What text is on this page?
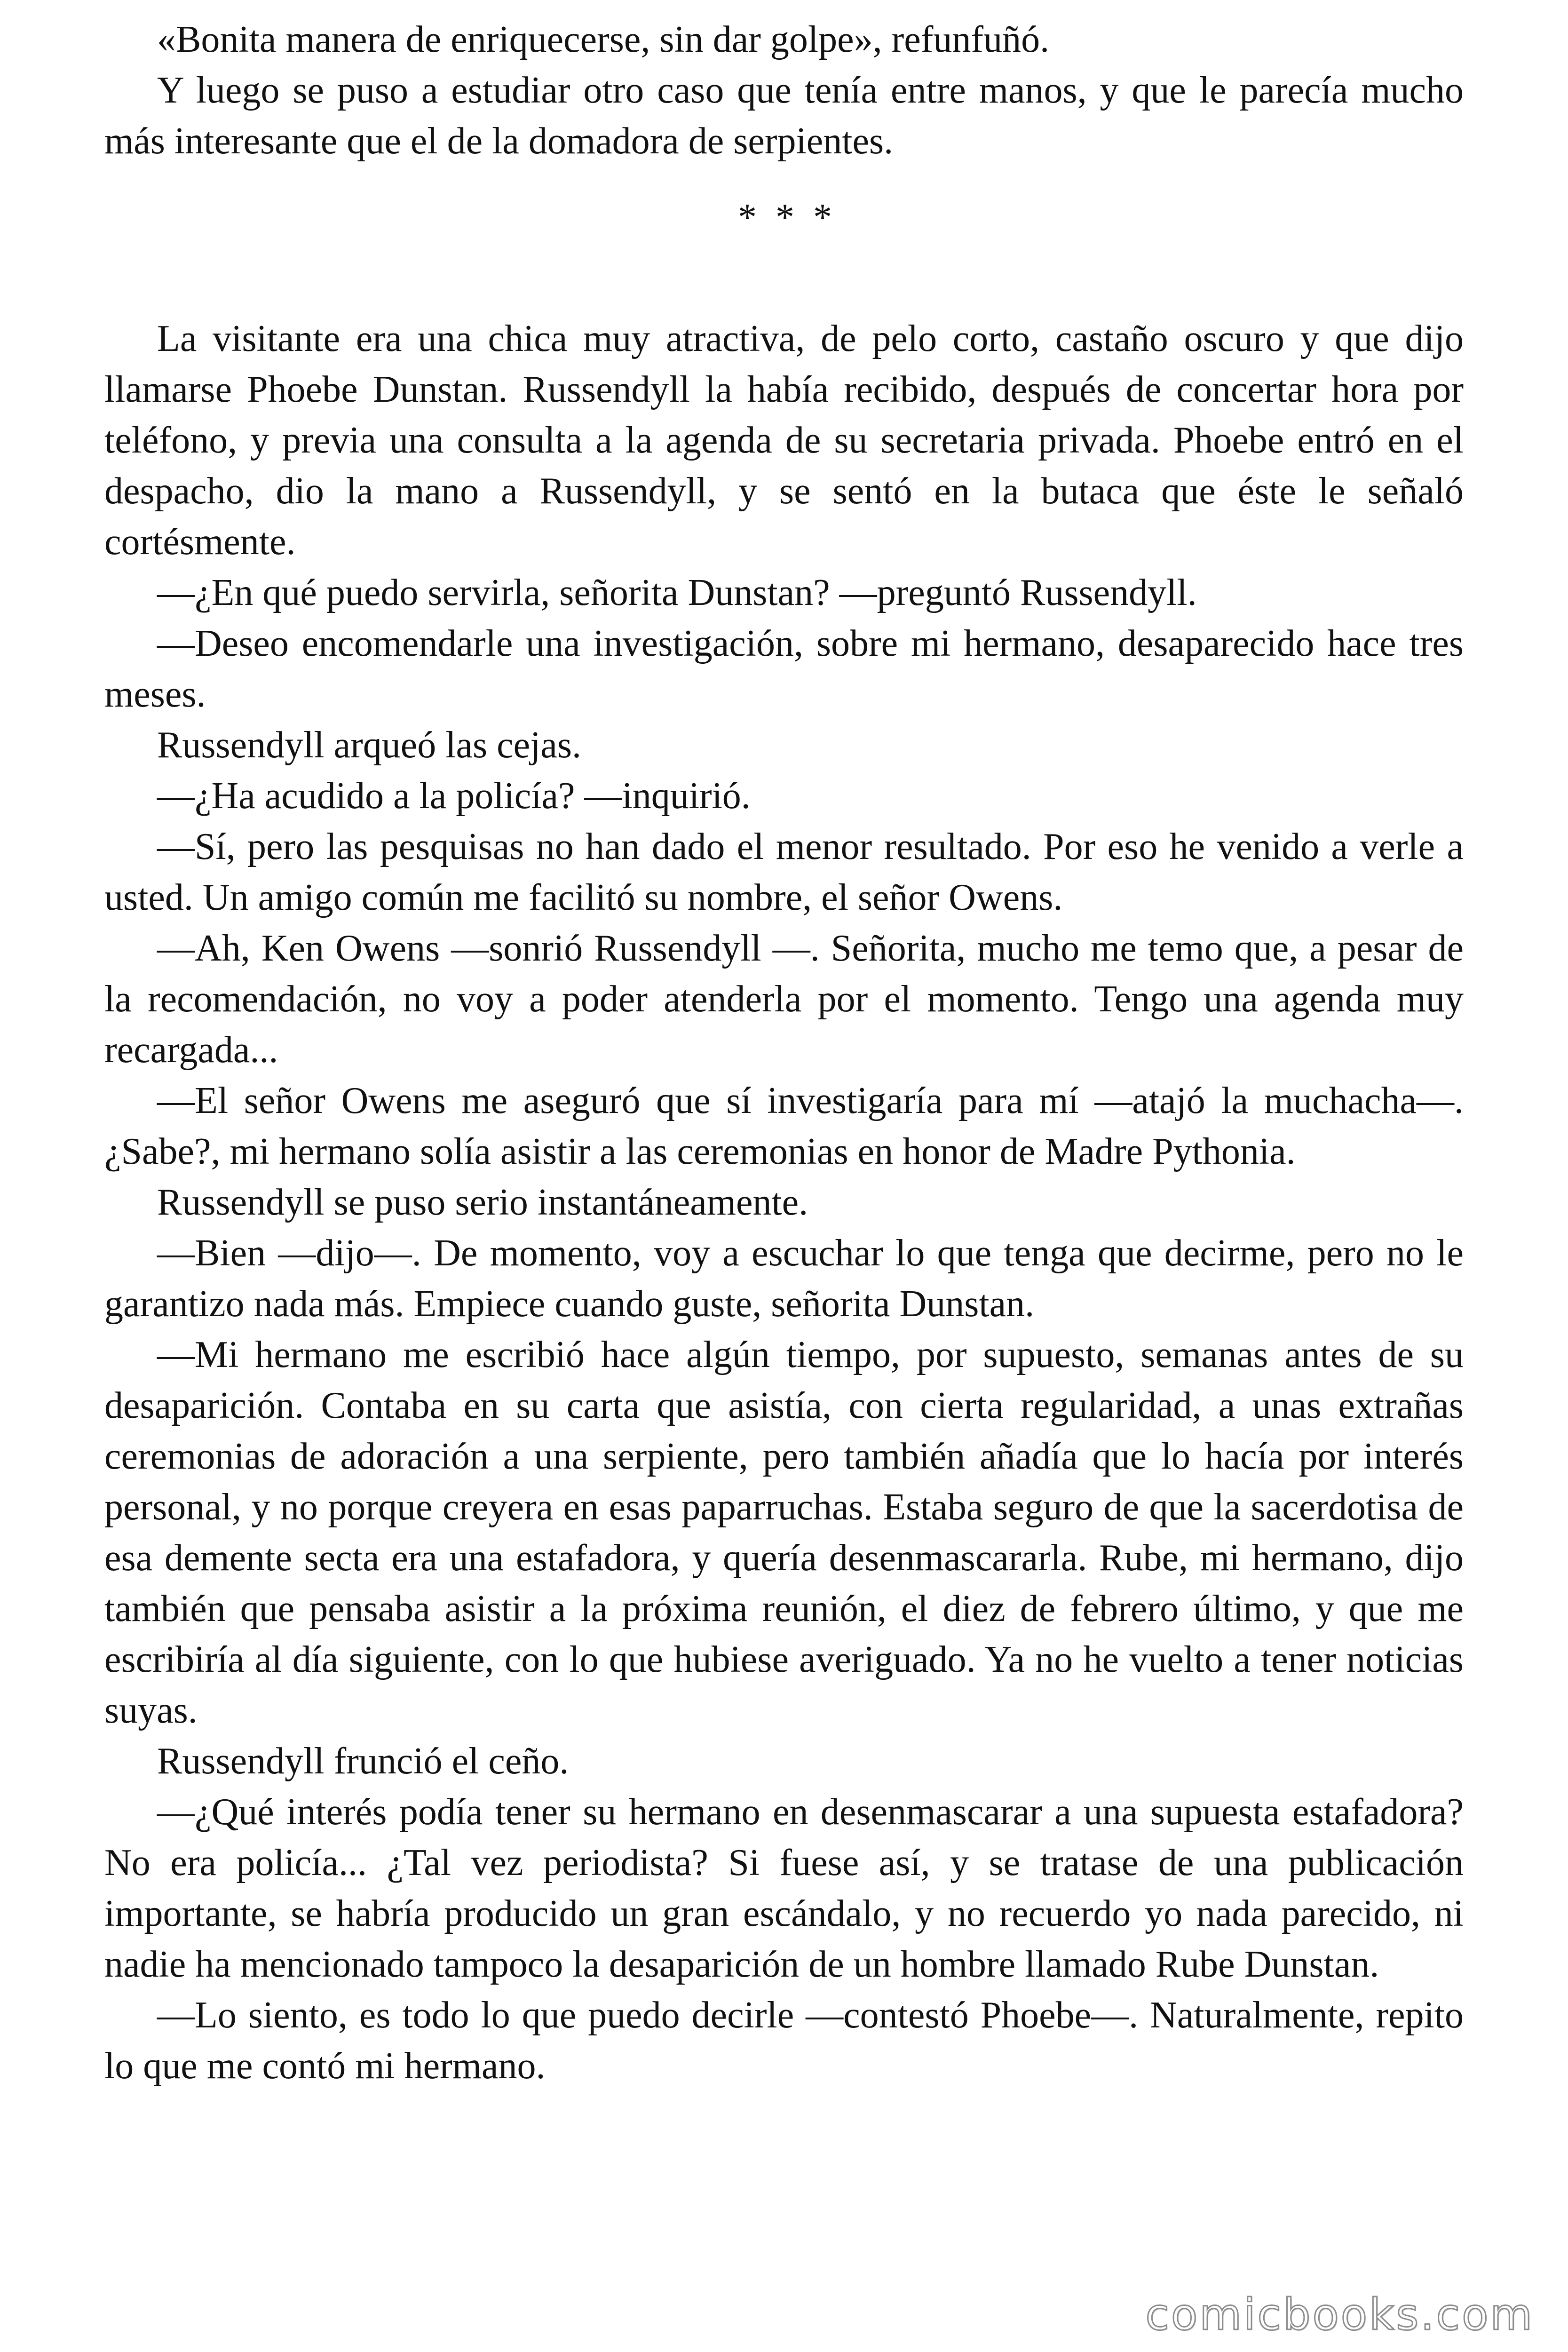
«Bonita manera de enriquecerse, sin dar golpe», refunfuñó.

Y luego se puso a estudiar otro caso que tenía entre manos, y que le parecía mucho más interesante que el de la domadora de serpientes.

* * *

La visitante era una chica muy atractiva, de pelo corto, castaño oscuro y que dijo llamarse Phoebe Dunstan. Russendyll la había recibido, después de concertar hora por teléfono, y previa una consulta a la agenda de su secretaria privada. Phoebe entró en el despacho, dio la mano a Russendyll, y se sentó en la butaca que éste le señaló cortésmente.

—¿En qué puedo servirla, señorita Dunstan? —preguntó Russendyll.

—Deseo encomendarle una investigación, sobre mi hermano, desaparecido hace tres meses.

Russendyll arqueó las cejas.

—¿Ha acudido a la policía? —inquirió.

—Sí, pero las pesquisas no han dado el menor resultado. Por eso he venido a verle a usted. Un amigo común me facilitó su nombre, el señor Owens.

—Ah, Ken Owens —sonrió Russendyll —. Señorita, mucho me temo que, a pesar de la recomendación, no voy a poder atenderla por el momento. Tengo una agenda muy recargada...

—El señor Owens me aseguró que sí investigaría para mí —atajó la muchacha—. ¿Sabe?, mi hermano solía asistir a las ceremonias en honor de Madre Pythonia.

Russendyll se puso serio instantáneamente.

—Bien —dijo—. De momento, voy a escuchar lo que tenga que decirme, pero no le garantizo nada más. Empiece cuando guste, señorita Dunstan.

—Mi hermano me escribió hace algún tiempo, por supuesto, semanas antes de su desaparición. Contaba en su carta que asistía, con cierta regularidad, a unas extrañas ceremonias de adoración a una serpiente, pero también añadía que lo hacía por interés personal, y no porque creyera en esas paparruchas. Estaba seguro de que la sacerdotisa de esa demente secta era una estafadora, y quería desenmascararla. Rube, mi hermano, dijo también que pensaba asistir a la próxima reunión, el diez de febrero último, y que me escribiría al día siguiente, con lo que hubiese averiguado. Ya no he vuelto a tener noticias suyas.

Russendyll frunció el ceño.

—¿Qué interés podía tener su hermano en desenmascarar a una supuesta estafadora? No era policía... ¿Tal vez periodista? Si fuese así, y se tratase de una publicación importante, se habría producido un gran escándalo, y no recuerdo yo nada parecido, ni nadie ha mencionado tampoco la desaparición de un hombre llamado Rube Dunstan.

—Lo siento, es todo lo que puedo decirle —contestó Phoebe—. Naturalmente, repito lo que me contó mi hermano.

comicbooks.com
